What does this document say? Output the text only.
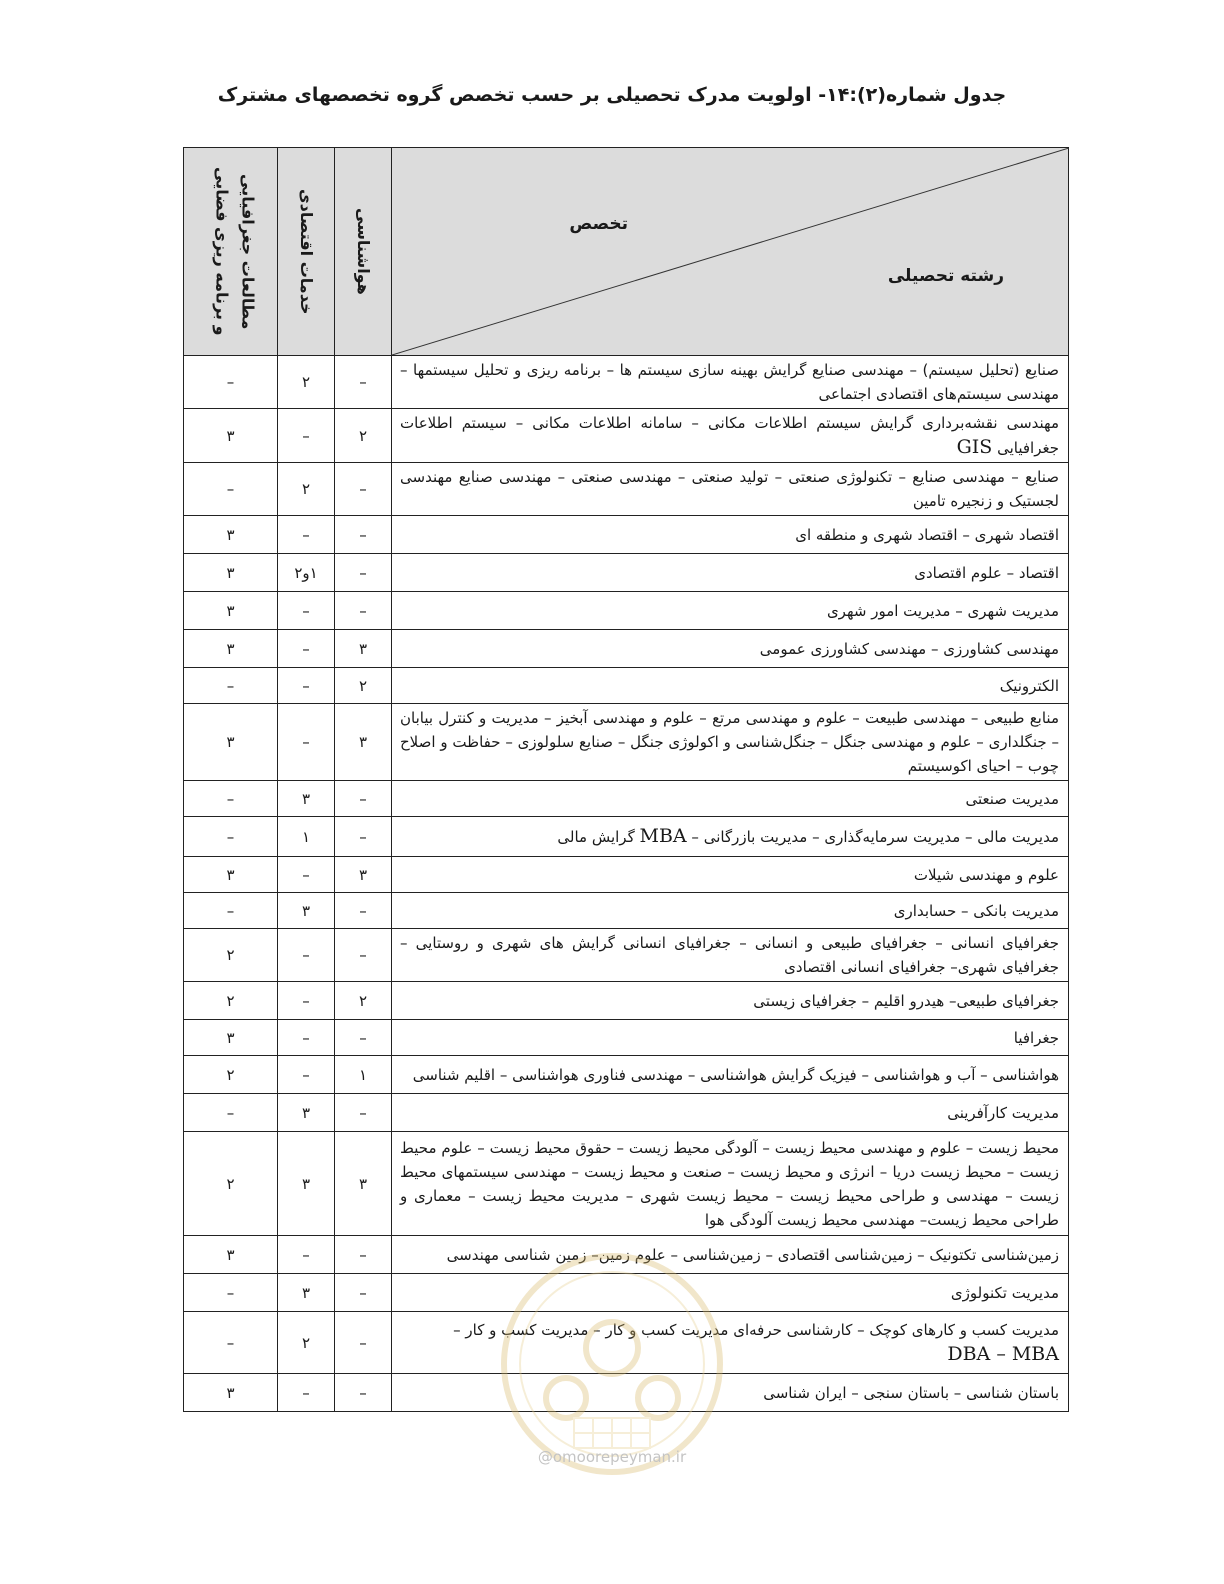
جدول شماره(۲):۱۴- اولویت مدرک تحصیلی بر حسب تخصص گروه تخصصهای مشترک
تخصص
رشته تحصیلی	هواشناسی	خدمات اقتصادی	مطالعات جغرافیایی و برنامه ریزی فضایی

صنایع (تحلیل سیستم) – مهندسی صنایع گرایش بهینه سازی سیستم ها – برنامه ریزی و تحلیل سیستمها – مهندسی سیستم‌های اقتصادی اجتماعی	–	۲	–
مهندسی نقشه‌برداری گرایش سیستم اطلاعات مکانی – سامانه اطلاعات مکانی – سیستم اطلاعات جغرافیایی GIS	۲	–	۳
صنایع – مهندسی صنایع – تکنولوژی صنعتی – تولید صنعتی – مهندسی صنعتی – مهندسی صنایع مهندسی لجستیک و زنجیره تامین	–	۲	–
اقتصاد شهری – اقتصاد شهری و منطقه ای	–	–	۳
اقتصاد – علوم اقتصادی	–	۱و۲	۳
مدیریت شهری – مدیریت امور شهری	–	–	۳
مهندسی کشاورزی – مهندسی کشاورزی عمومی	۳	–	۳
الکترونیک	۲	–	–
منابع طبیعی – مهندسی طبیعت – علوم و مهندسی مرتع – علوم و مهندسی آبخیز – مدیریت و کنترل بیابان – جنگلداری – علوم و مهندسی جنگل – جنگل‌شناسی و اکولوژی جنگل – صنایع سلولوزی – حفاظت و اصلاح چوب – احیای اکوسیستم	۳	–	۳
مدیریت صنعتی	–	۳	–
مدیریت مالی – مدیریت سرمایه‌گذاری – مدیریت بازرگانی – MBA گرایش مالی	–	۱	–
علوم و مهندسی شیلات	۳	–	۳
مدیریت بانکی – حسابداری	–	۳	–
جغرافیای انسانی – جغرافیای طبیعی و انسانی – جغرافیای انسانی گرایش های شهری و روستایی – جغرافیای شهری– جغرافیای انسانی اقتصادی	–	–	۲
جغرافیای طبیعی– هیدرو اقلیم – جغرافیای زیستی	۲	–	۲
جغرافیا	–	–	۳
هواشناسی – آب و هواشناسی – فیزیک گرایش هواشناسی – مهندسی فناوری هواشناسی – اقلیم شناسی	۱	–	۲
مدیریت کارآفرینی	–	۳	–
محیط زیست – علوم و مهندسی محیط زیست – آلودگی محیط زیست – حقوق محیط زیست – علوم محیط زیست – محیط زیست دریا – انرژی و محیط زیست – صنعت و محیط زیست – مهندسی سیستمهای محیط زیست – مهندسی و طراحی محیط زیست – محیط زیست شهری – مدیریت محیط زیست – معماری و طراحی محیط زیست– مهندسی محیط زیست آلودگی هوا	۳	۳	۲
زمین‌شناسی تکتونیک – زمین‌شناسی اقتصادی – زمین‌شناسی – علوم زمین– زمین شناسی مهندسی	–	–	۳
مدیریت تکنولوژی	–	۳	–
مدیریت کسب و کارهای کوچک – کارشناسی حرفه‌ای مدیریت کسب و کار – مدیریت کسب و کار –
DBA – MBA	–	۲	–
باستان شناسی – باستان سنجی – ایران شناسی	–	–	۳
@omoorepeyman.ir
